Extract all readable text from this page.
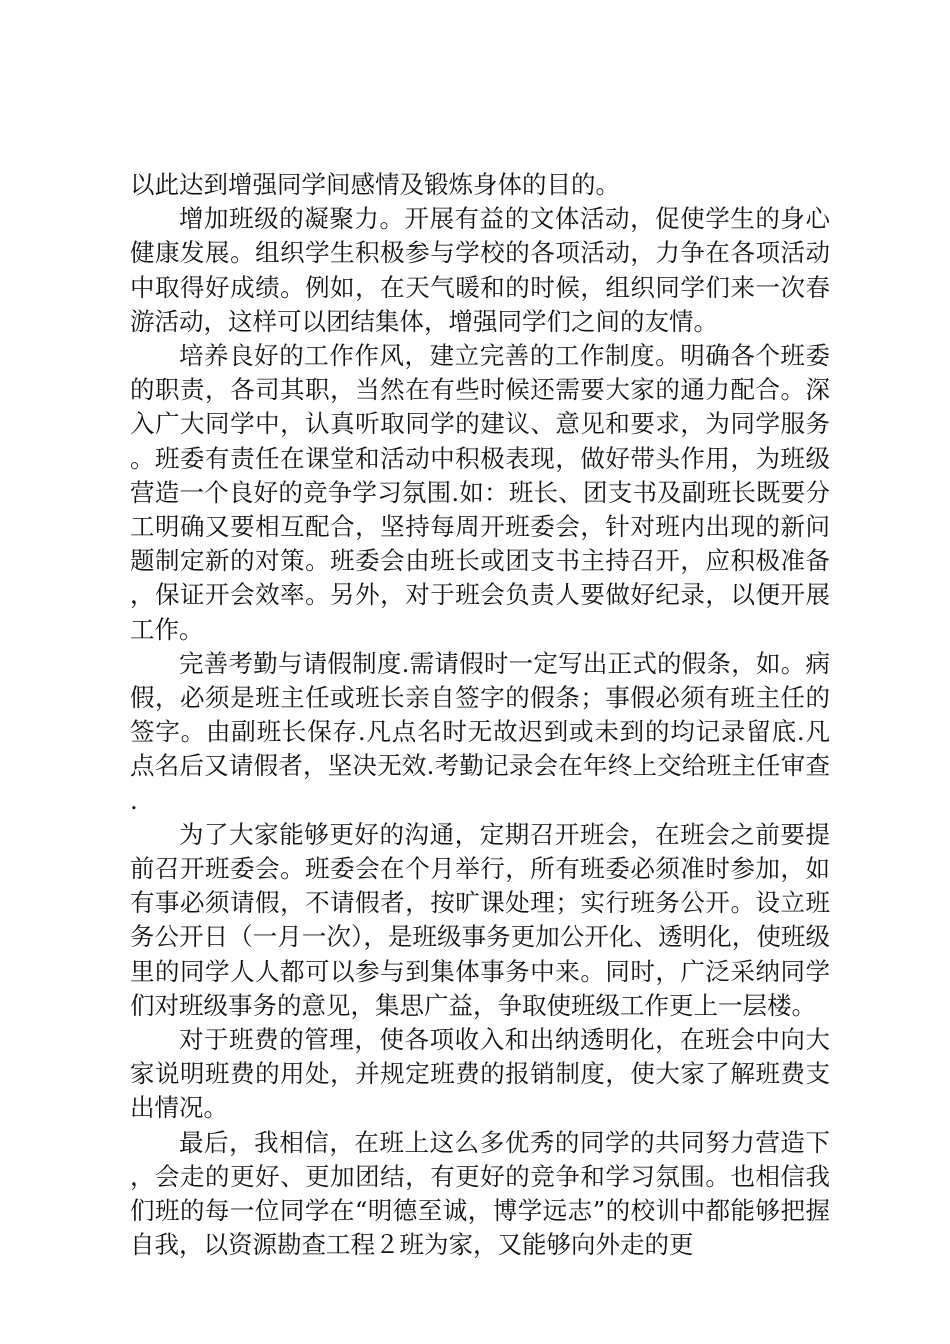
以此达到增强同学间感情及锻炼身体的目的。

增加班级的凝聚力。开展有益的文体活动，促使学生的身心健康发展。组织学生积极参与学校的各项活动，力争在各项活动中取得好成绩。例如，在天气暖和的时候，组织同学们来一次春游活动，这样可以团结集体，增强同学们之间的友情。

培养良好的工作作风，建立完善的工作制度。明确各个班委的职责，各司其职，当然在有些时候还需要大家的通力配合。深入广大同学中，认真听取同学的建议、意见和要求，为同学服务。班委有责任在课堂和活动中积极表现，做好带头作用，为班级营造一个良好的竞争学习氛围.如：班长、团支书及副班长既要分工明确又要相互配合，坚持每周开班委会，针对班内出现的新问题制定新的对策。班委会由班长或团支书主持召开，应积极准备，保证开会效率。另外，对于班会负责人要做好纪录，以便开展工作。

完善考勤与请假制度.需请假时一定写出正式的假条，如。病假，必须是班主任或班长亲自签字的假条；事假必须有班主任的签字。由副班长保存.凡点名时无故迟到或未到的均记录留底.凡点名后又请假者，坚决无效.考勤记录会在年终上交给班主任审查.

为了大家能够更好的沟通，定期召开班会，在班会之前要提前召开班委会。班委会在个月举行，所有班委必须准时参加，如有事必须请假，不请假者，按旷课处理；实行班务公开。设立班务公开日（一月一次），是班级事务更加公开化、透明化，使班级里的同学人人都可以参与到集体事务中来。同时，广泛采纳同学们对班级事务的意见，集思广益，争取使班级工作更上一层楼。

对于班费的管理，使各项收入和出纳透明化，在班会中向大家说明班费的用处，并规定班费的报销制度，使大家了解班费支出情况。

最后，我相信，在班上这么多优秀的同学的共同努力营造下，会走的更好、更加团结，有更好的竞争和学习氛围。也相信我们班的每一位同学在“明德至诚，博学远志”的校训中都能够把握自我，以资源勘查工程２班为家，又能够向外走的更
